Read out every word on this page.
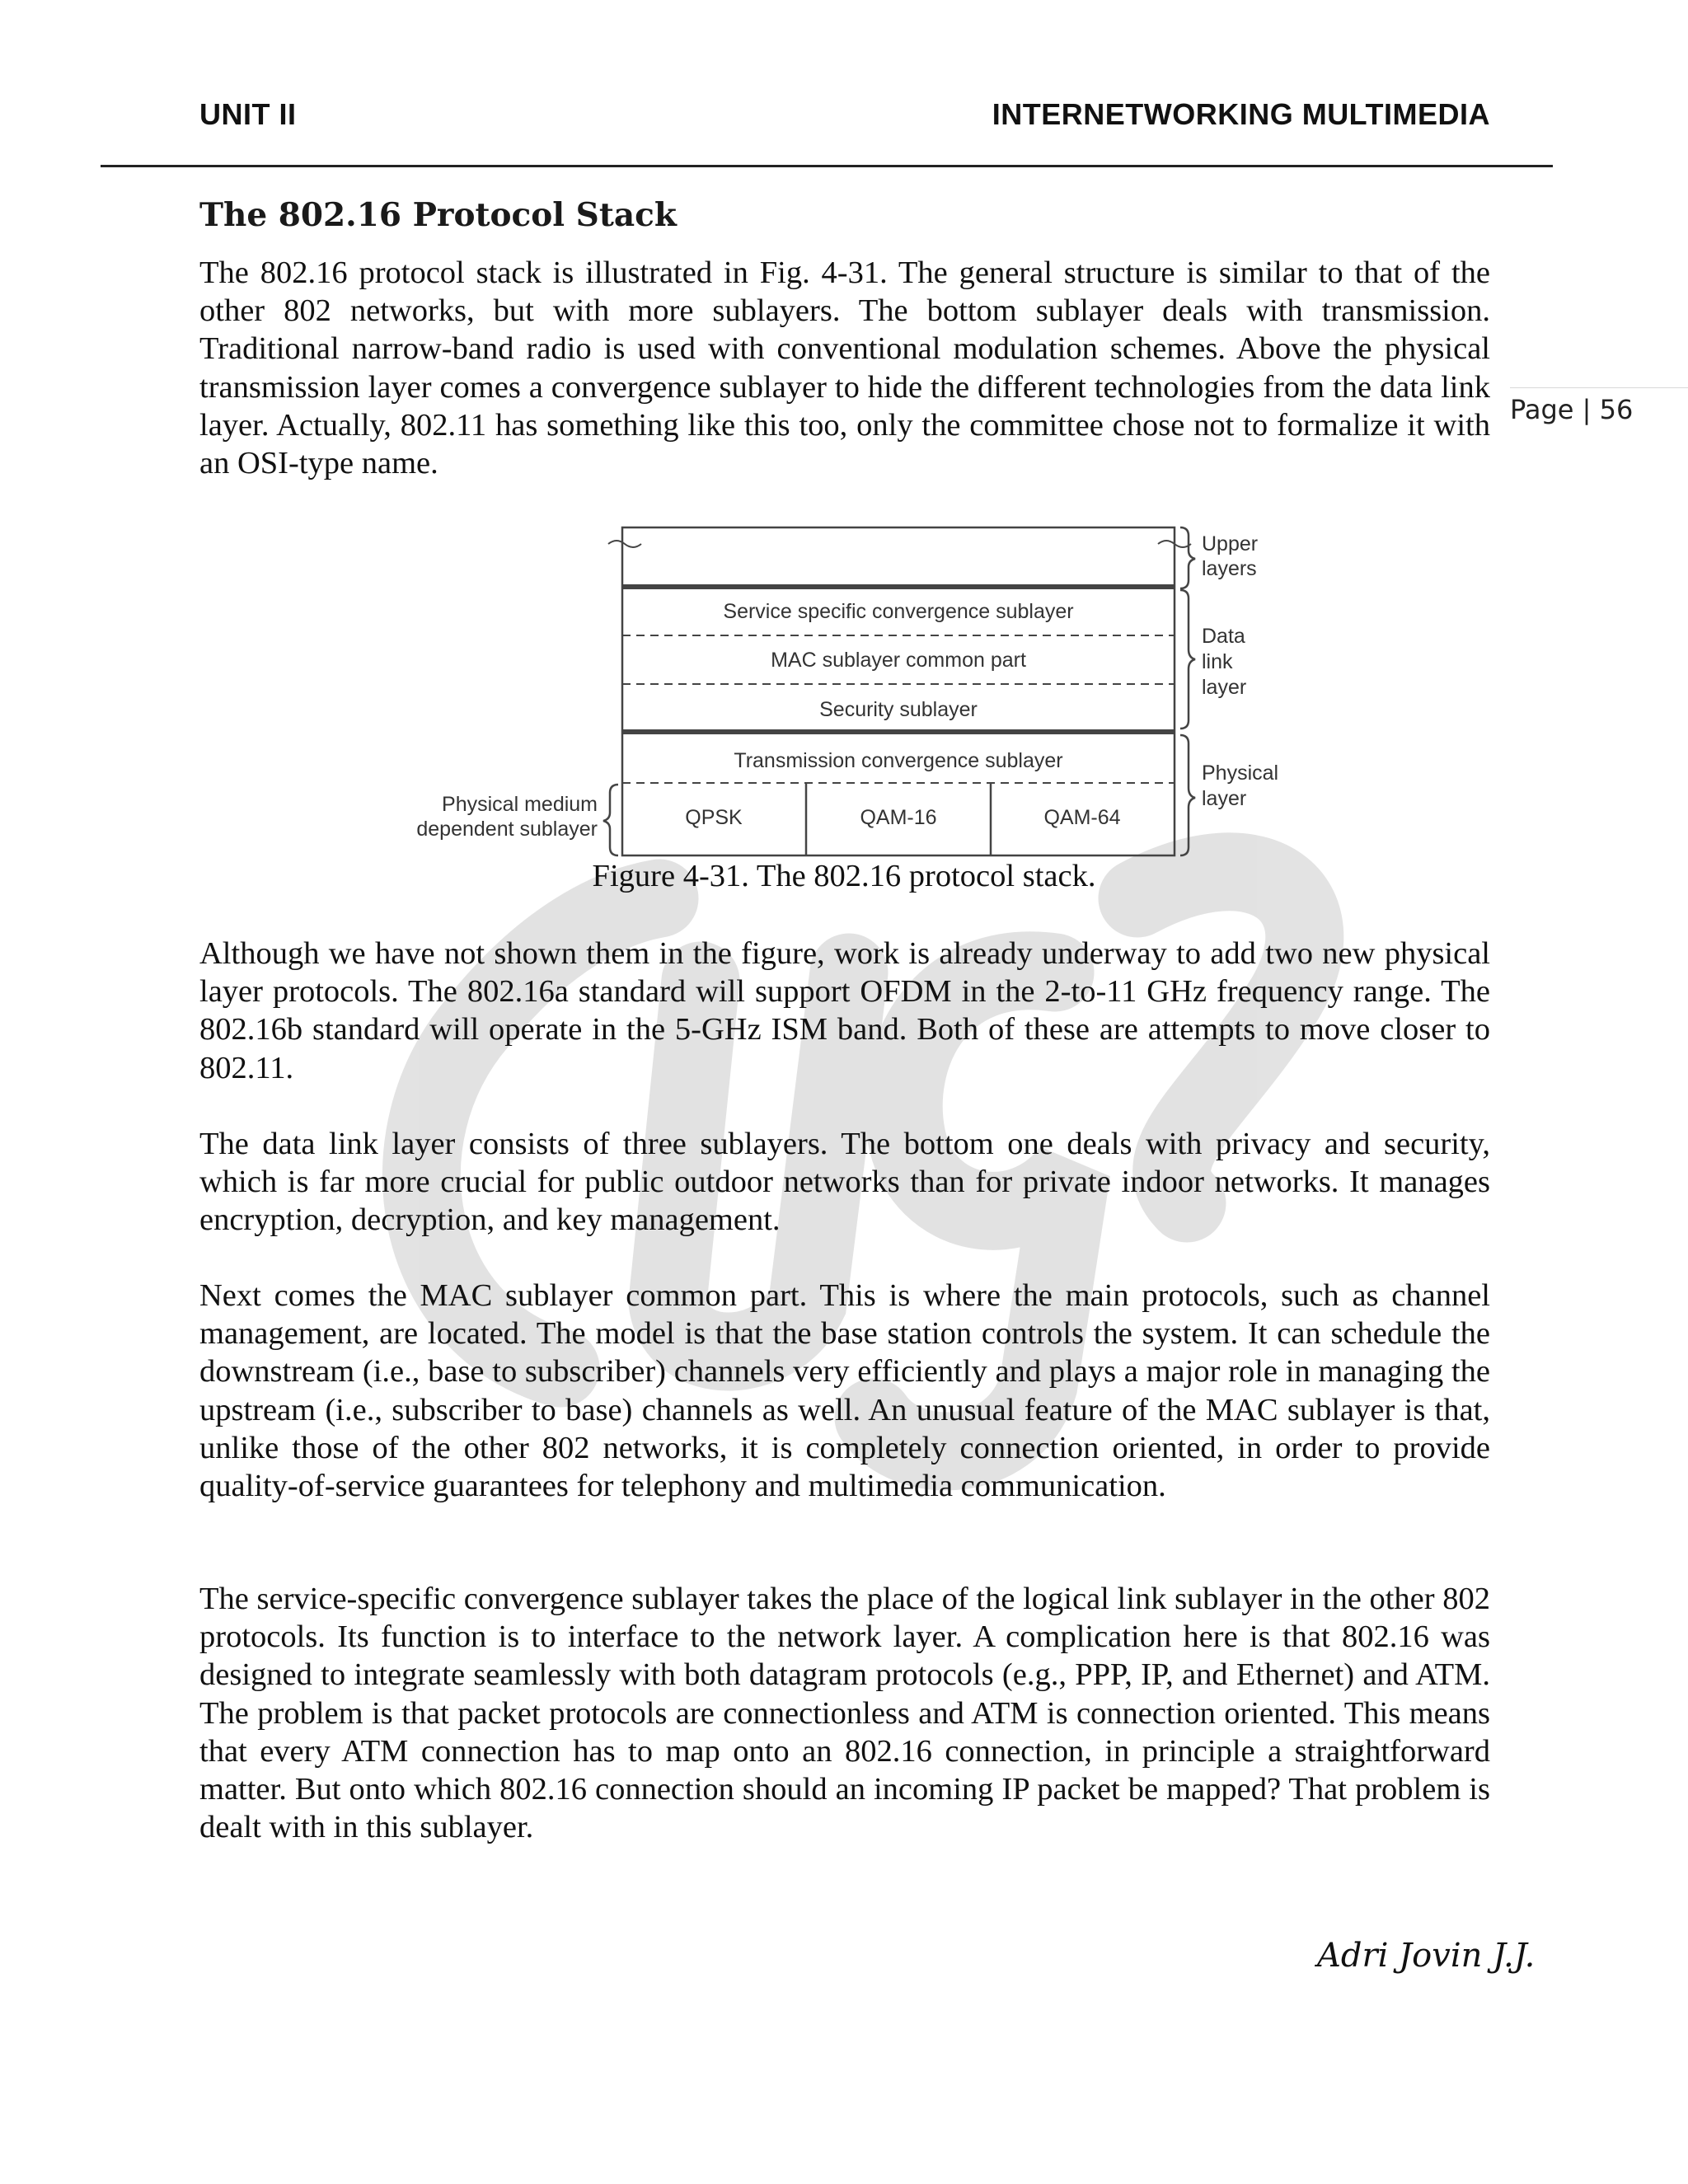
UNIT II	INTERNETWORKING MULTIMEDIA
Page | 56
The 802.16 Protocol Stack

The 802.16 protocol stack is illustrated in Fig. 4-31. The general structure is similar to that of the other 802 networks, but with more sublayers. The bottom sublayer deals with transmission. Traditional narrow-band radio is used with conventional modulation schemes. Above the physical transmission layer comes a convergence sublayer to hide the different technologies from the data link layer. Actually, 802.11 has something like this too, only the committee chose not to formalize it with an OSI-type name.

Service specific convergence sublayer
MAC sublayer common part
Security sublayer
Transmission convergence sublayer
QPSK	QAM-16	QAM-64
Physical medium
dependent sublayer
Upper
layers
Data
link
layer
Physical
layer
Figure 4-31. The 802.16 protocol stack.

Although we have not shown them in the figure, work is already underway to add two new physical layer protocols. The 802.16a standard will support OFDM in the 2-to-11 GHz frequency range. The 802.16b standard will operate in the 5-GHz ISM band. Both of these are attempts to move closer to 802.11.

The data link layer consists of three sublayers. The bottom one deals with privacy and security, which is far more crucial for public outdoor networks than for private indoor networks. It manages encryption, decryption, and key management.

Next comes the MAC sublayer common part. This is where the main protocols, such as channel management, are located. The model is that the base station controls the system. It can schedule the downstream (i.e., base to subscriber) channels very efficiently and plays a major role in managing the upstream (i.e., subscriber to base) channels as well. An unusual feature of the MAC sublayer is that, unlike those of the other 802 networks, it is completely connection oriented, in order to provide quality-of-service guarantees for telephony and multimedia communication.

The service-specific convergence sublayer takes the place of the logical link sublayer in the other 802 protocols. Its function is to interface to the network layer. A complication here is that 802.16 was designed to integrate seamlessly with both datagram protocols (e.g., PPP, IP, and Ethernet) and ATM. The problem is that packet protocols are connectionless and ATM is connection oriented. This means that every ATM connection has to map onto an 802.16 connection, in principle a straightforward matter. But onto which 802.16 connection should an incoming IP packet be mapped? That problem is dealt with in this sublayer.

Adri Jovin J.J.
